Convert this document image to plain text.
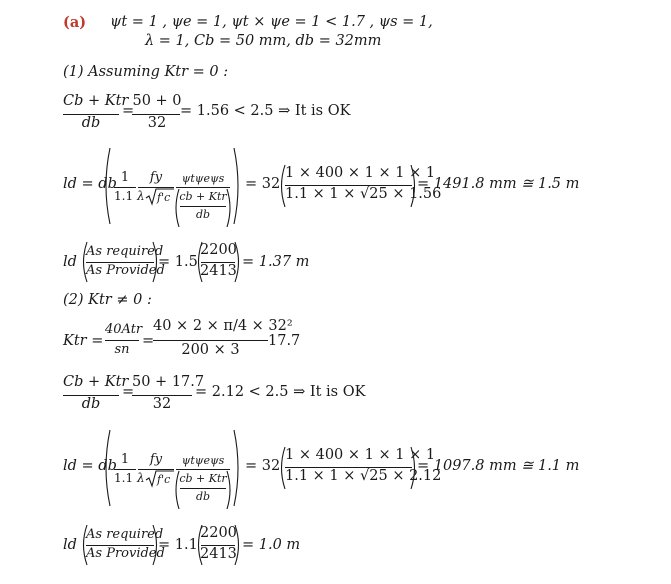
(a) ψt = 1 , ψe = 1, ψt × ψe = 1 < 1.7 , ψs = 1,
λ = 1, Cb = 50 mm, db = 32mm
(1) Assuming Ktr = 0 :
Cb + Ktr
db
=
50 + 0
32
= 1.56 < 2.5 ⇒ It is OK
ld = db 1
1.1
fy
λ f'c
ψtψeψs
cb + Ktr
db
= 32
1 × 400 × 1 × 1 × 1
1.1 × 1 × √25 × 1.56
= 1491.8 mm ≅ 1.5 m
ld
As required
As Provided
= 1.5
2200
2413
= 1.37 m
(2) Ktr ≠ 0 :
Ktr =
40Atr
sn
=
40 × 2 × π/4 × 32²
200 × 3
17.7
Cb + Ktr
db
=
50 + 17.7
32
= 2.12 < 2.5 ⇒ It is OK
ld = db 1
1.1
fy
λ f'c
ψtψeψs
cb + Ktr
db
= 32
1 × 400 × 1 × 1 × 1
1.1 × 1 × √25 × 2.12
= 1097.8 mm ≅ 1.1 m
ld
As required
As Provided
= 1.1
2200
2413
= 1.0 m
